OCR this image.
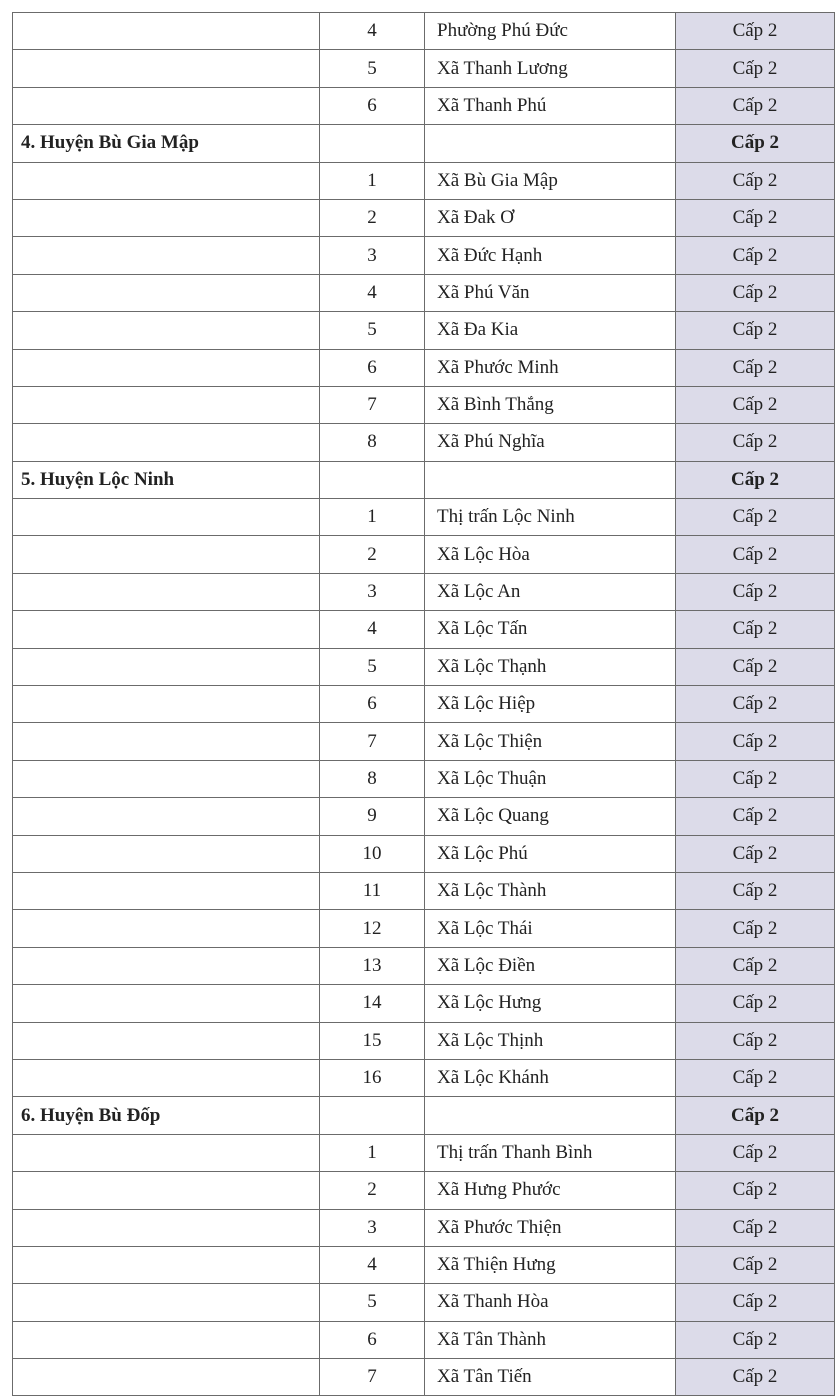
	4	Phường Phú Đức	Cấp 2
	5	Xã Thanh Lương	Cấp 2
	6	Xã Thanh Phú	Cấp 2
4. Huyện Bù Gia Mập			Cấp 2
	1	Xã Bù Gia Mập	Cấp 2
	2	Xã Đak Ơ	Cấp 2
	3	Xã Đức Hạnh	Cấp 2
	4	Xã Phú Văn	Cấp 2
	5	Xã Đa Kia	Cấp 2
	6	Xã Phước Minh	Cấp 2
	7	Xã Bình Thắng	Cấp 2
	8	Xã Phú Nghĩa	Cấp 2
5. Huyện Lộc Ninh			Cấp 2
	1	Thị trấn Lộc Ninh	Cấp 2
	2	Xã Lộc Hòa	Cấp 2
	3	Xã Lộc An	Cấp 2
	4	Xã Lộc Tấn	Cấp 2
	5	Xã Lộc Thạnh	Cấp 2
	6	Xã Lộc Hiệp	Cấp 2
	7	Xã Lộc Thiện	Cấp 2
	8	Xã Lộc Thuận	Cấp 2
	9	Xã Lộc Quang	Cấp 2
	10	Xã Lộc Phú	Cấp 2
	11	Xã Lộc Thành	Cấp 2
	12	Xã Lộc Thái	Cấp 2
	13	Xã Lộc Điền	Cấp 2
	14	Xã Lộc Hưng	Cấp 2
	15	Xã Lộc Thịnh	Cấp 2
	16	Xã Lộc Khánh	Cấp 2
6. Huyện Bù Đốp			Cấp 2
	1	Thị trấn Thanh Bình	Cấp 2
	2	Xã Hưng Phước	Cấp 2
	3	Xã Phước Thiện	Cấp 2
	4	Xã Thiện Hưng	Cấp 2
	5	Xã Thanh Hòa	Cấp 2
	6	Xã Tân Thành	Cấp 2
	7	Xã Tân Tiến	Cấp 2
